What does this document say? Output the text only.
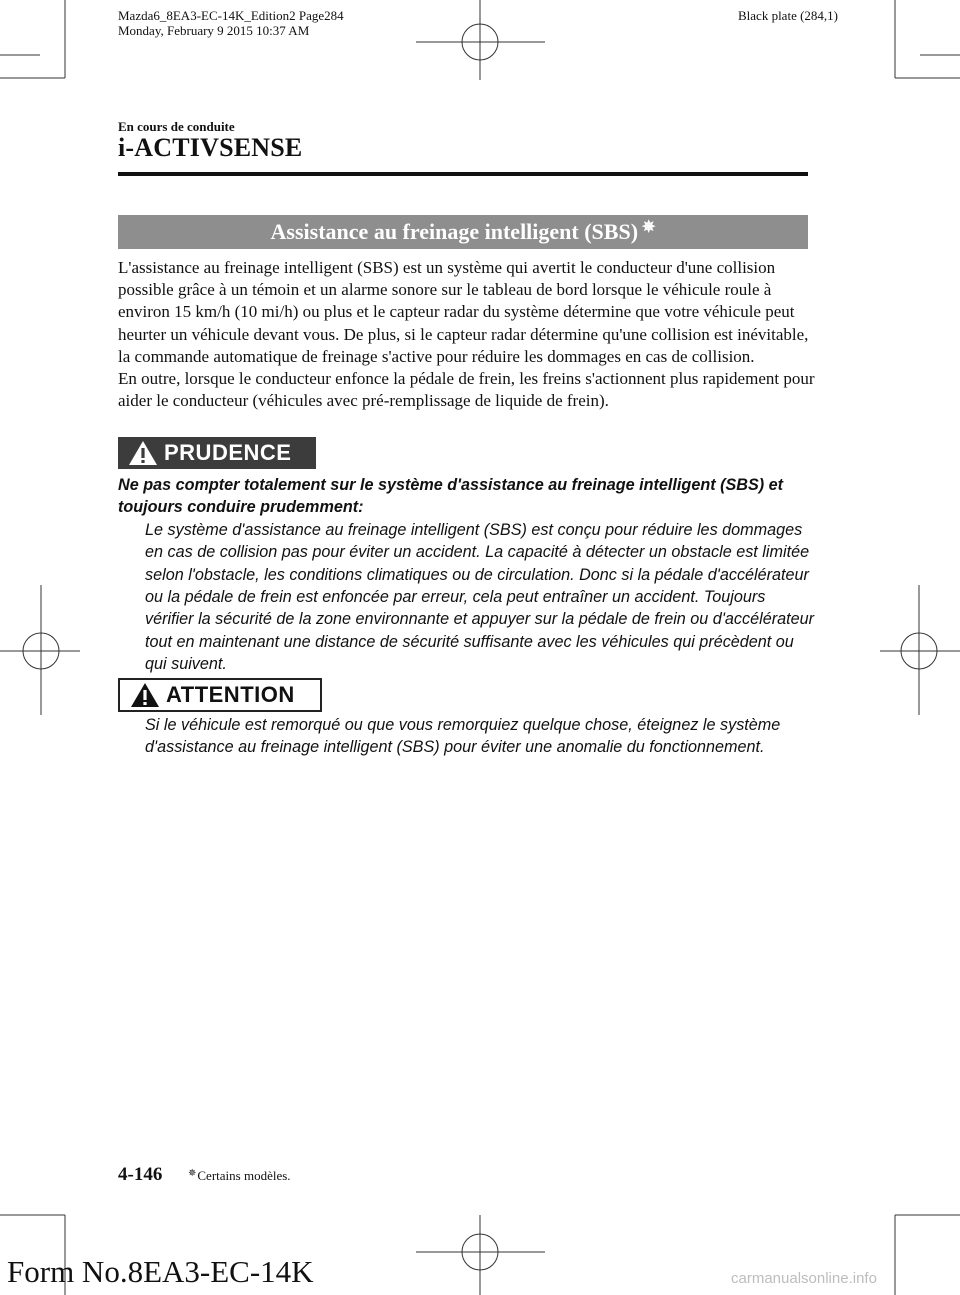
Mazda6_8EA3-EC-14K_Edition2 Page284
Monday, February 9 2015 10:37 AM
Black plate (284,1)
En cours de conduite
i-ACTIVSENSE
Assistance au freinage intelligent (SBS) ✵

L'assistance au freinage intelligent (SBS) est un système qui avertit le conducteur d'une collision possible grâce à un témoin et un alarme sonore sur le tableau de bord lorsque le véhicule roule à environ 15 km/h (10 mi/h) ou plus et le capteur radar du système détermine que votre véhicule peut heurter un véhicule devant vous. De plus, si le capteur radar détermine qu'une collision est inévitable, la commande automatique de freinage s'active pour réduire les dommages en cas de collision.

En outre, lorsque le conducteur enfonce la pédale de frein, les freins s'actionnent plus rapidement pour aider le conducteur (véhicules avec pré-remplissage de liquide de frein).

PRUDENCE

Ne pas compter totalement sur le système d'assistance au freinage intelligent (SBS) et toujours conduire prudemment:

Le système d'assistance au freinage intelligent (SBS) est conçu pour réduire les dommages en cas de collision pas pour éviter un accident. La capacité à détecter un obstacle est limitée selon l'obstacle, les conditions climatiques ou de circulation. Donc si la pédale d'accélérateur ou la pédale de frein est enfoncée par erreur, cela peut entraîner un accident. Toujours vérifier la sécurité de la zone environnante et appuyer sur la pédale de frein ou d'accélérateur tout en maintenant une distance de sécurité suffisante avec les véhicules qui précèdent ou qui suivent.

ATTENTION

Si le véhicule est remorqué ou que vous remorquiez quelque chose, éteignez le système d'assistance au freinage intelligent (SBS) pour éviter une anomalie du fonctionnement.

4-146	✵Certains modèles.
Form No.8EA3-EC-14K	carmanualsonline.info
